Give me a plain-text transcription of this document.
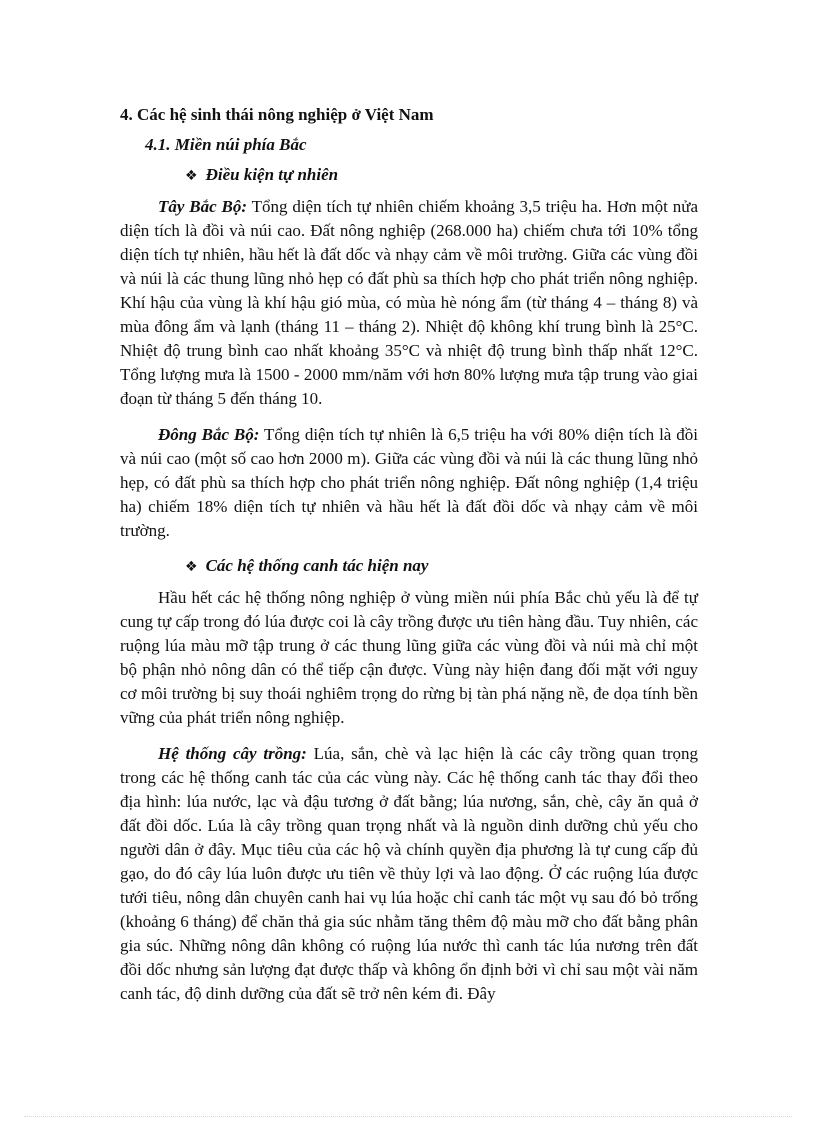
4. Các hệ sinh thái nông nghiệp ở Việt Nam
4.1. Miền núi phía Bắc
❖ Điều kiện tự nhiên

Tây Bắc Bộ: Tổng diện tích tự nhiên chiếm khoảng 3,5 triệu ha. Hơn một nửa diện tích là đồi và núi cao. Đất nông nghiệp (268.000 ha) chiếm chưa tới 10% tổng diện tích tự nhiên, hầu hết là đất dốc và nhạy cảm về môi trường. Giữa các vùng đồi và núi là các thung lũng nhỏ hẹp có đất phù sa thích hợp cho phát triển nông nghiệp. Khí hậu của vùng là khí hậu gió mùa, có mùa hè nóng ẩm (từ tháng 4 – tháng 8) và mùa đông ẩm và lạnh (tháng 11 – tháng 2). Nhiệt độ không khí trung bình là 25°C. Nhiệt độ trung bình cao nhất khoảng 35°C và nhiệt độ trung bình thấp nhất 12°C. Tổng lượng mưa là 1500 - 2000 mm/năm với hơn 80% lượng mưa tập trung vào giai đoạn từ tháng 5 đến tháng 10.

Đông Bắc Bộ: Tổng diện tích tự nhiên là 6,5 triệu ha với 80% diện tích là đồi và núi cao (một số cao hơn 2000 m). Giữa các vùng đồi và núi là các thung lũng nhỏ hẹp, có đất phù sa thích hợp cho phát triển nông nghiệp. Đất nông nghiệp (1,4 triệu ha) chiếm 18% diện tích tự nhiên và hầu hết là đất đồi dốc và nhạy cảm về môi trường.

❖ Các hệ thống canh tác hiện nay

Hầu hết các hệ thống nông nghiệp ở vùng miền núi phía Bắc chủ yếu là để tự cung tự cấp trong đó lúa được coi là cây trồng được ưu tiên hàng đầu. Tuy nhiên, các ruộng lúa màu mỡ tập trung ở các thung lũng giữa các vùng đồi và núi mà chỉ một bộ phận nhỏ nông dân có thể tiếp cận được. Vùng này hiện đang đối mặt với nguy cơ môi trường bị suy thoái nghiêm trọng do rừng bị tàn phá nặng nề, đe dọa tính bền vững của phát triển nông nghiệp.

Hệ thống cây trồng: Lúa, sắn, chè và lạc hiện là các cây trồng quan trọng trong các hệ thống canh tác của các vùng này. Các hệ thống canh tác thay đổi theo địa hình: lúa nước, lạc và đậu tương ở đất bằng; lúa nương, sắn, chè, cây ăn quả ở đất đồi dốc. Lúa là cây trồng quan trọng nhất và là nguồn dinh dưỡng chủ yếu cho người dân ở đây. Mục tiêu của các hộ và chính quyền địa phương là tự cung cấp đủ gạo, do đó cây lúa luôn được ưu tiên về thủy lợi và lao động. Ở các ruộng lúa được tưới tiêu, nông dân chuyên canh hai vụ lúa hoặc chỉ canh tác một vụ sau đó bỏ trống (khoảng 6 tháng) để chăn thả gia súc nhằm tăng thêm độ màu mỡ cho đất bằng phân gia súc. Những nông dân không có ruộng lúa nước thì canh tác lúa nương trên đất đồi dốc nhưng sản lượng đạt được thấp và không ổn định bởi vì chỉ sau một vài năm canh tác, độ dinh dưỡng của đất sẽ trở nên kém đi. Đây
